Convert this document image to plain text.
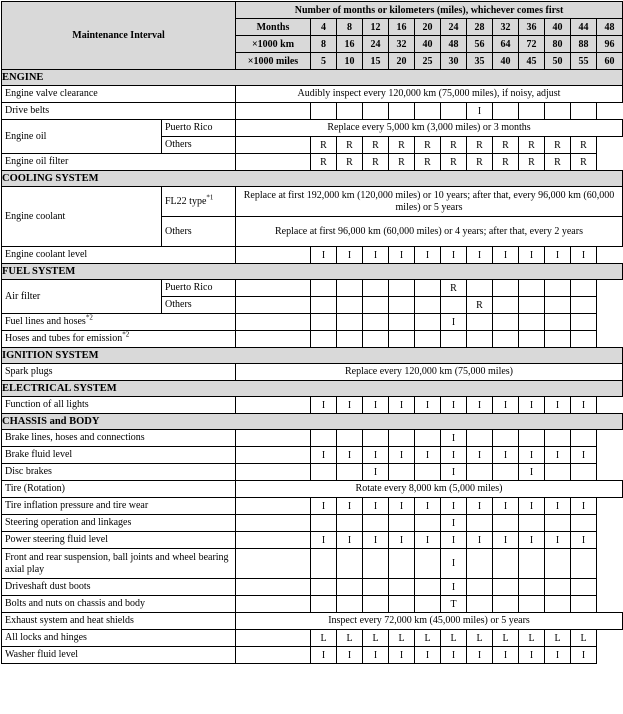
Maintenance Interval		Number of months or kilometers (miles), whichever comes first												
		Months	4	8	12	16	20	24	28	32	36	40	44	48
		×1000 km	8	16	24	32	40	48	56	64	72	80	88	96
		×1000 miles	5	10	15	20	25	30	35	40	45	50	55	60
ENGINE														
Engine valve clearance		Audibly inspect every 120,000 km (75,000 miles), if noisy, adjust												
Drive belts									I					
Engine oil	Puerto Rico	Replace every 5,000 km (3,000 miles) or 3 months												
	Others		R	R	R	R	R	R	R	R	R	R	R	
Engine oil filter			R	R	R	R	R	R	R	R	R	R	R	
COOLING SYSTEM														
Engine coolant	FL22 type$^{*1}$	Replace at first 192,000 km (120,000 miles) or 10 years; after that, every 96,000 km (60,000 miles) or 5 years												
	Others	Replace at first 96,000 km (60,000 miles) or 4 years; after that, every 2 years												
Engine coolant level			I	I	I	I	I	I	I	I	I	I	I	
FUEL SYSTEM														
Air filter	Puerto Rico							R						
	Others								R					
Fuel lines and hoses$^{*2}$								I						
Hoses and tubes for emission$^{*2}$												
IGNITION SYSTEM														
Spark plugs		Replace every 120,000 km (75,000 miles)												
ELECTRICAL SYSTEM														
Function of all lights			I	I	I	I	I	I	I	I	I	I	I	
CHASSIS and BODY														
Brake lines, hoses and connections								I						
Brake fluid level			I	I	I	I	I	I	I	I	I	I	I	
Disc brakes					I			I			I			
Tire (Rotation)		Rotate every 8,000 km (5,000 miles)												
Tire inflation pressure and tire wear			I	I	I	I	I	I	I	I	I	I	I	
Steering operation and linkages								I						
Power steering fluid level			I	I	I	I	I	I	I	I	I	I	I	
Front and rear suspension, ball joints and wheel bearing axial play								I						
Driveshaft dust boots								I						
Bolts and nuts on chassis and body								T						
Exhaust system and heat shields		Inspect every 72,000 km (45,000 miles) or 5 years												
All locks and hinges			L	L	L	L	L	L	L	L	L	L	L	
Washer fluid level			I	I	I	I	I	I	I	I	I	I	I	
